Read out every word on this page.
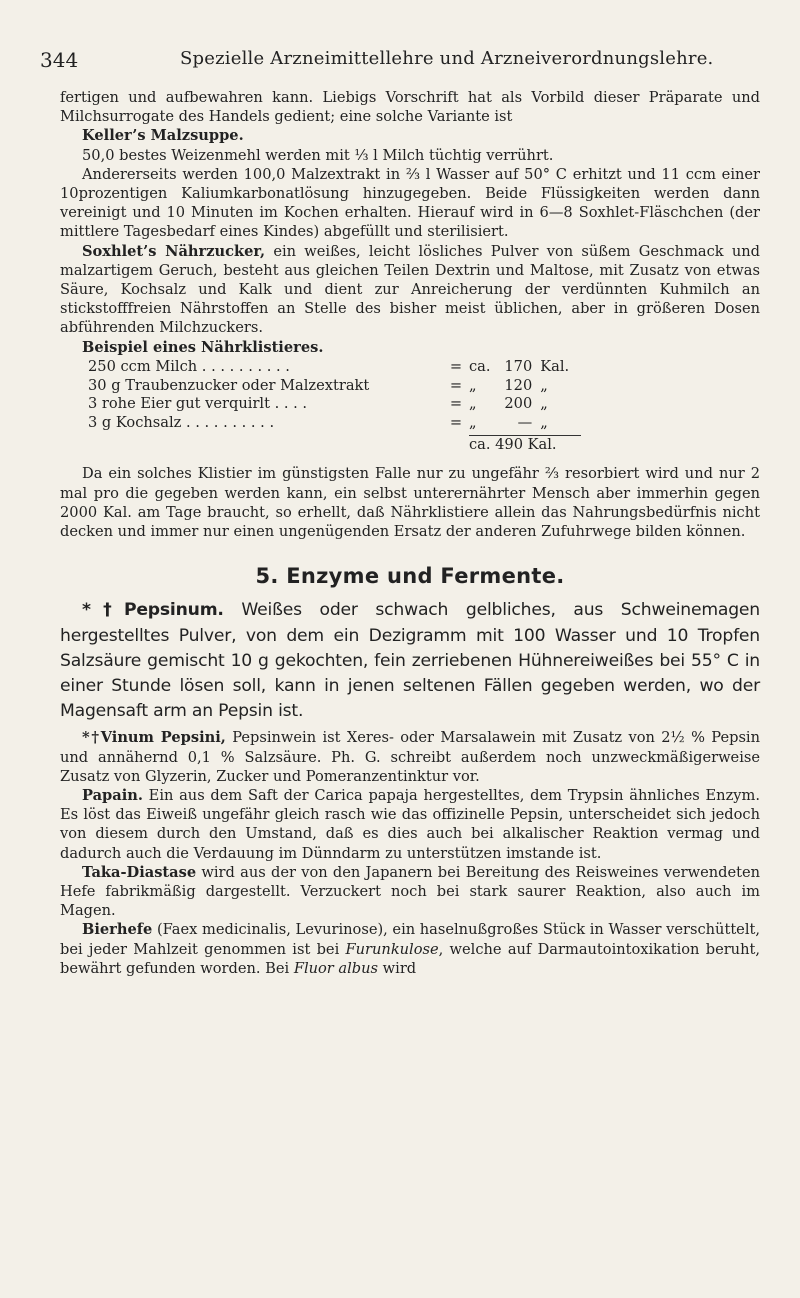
344	Spezielle Arzneimittellehre und Arzneiverordnungslehre.

fertigen und aufbewahren kann. Liebigs Vorschrift hat als Vorbild dieser Präparate und Milchsurrogate des Handels gedient; eine solche Variante ist

Keller’s Malzsuppe.

50,0 bestes Weizenmehl werden mit ⅓ l Milch tüchtig verrührt.

Andererseits werden 100,0 Malzextrakt in ⅔ l Wasser auf 50° C erhitzt und 11 ccm einer 10prozentigen Kaliumkarbonatlösung hinzugegeben. Beide Flüssigkeiten werden dann vereinigt und 10 Minuten im Kochen erhalten. Hierauf wird in 6—8 Soxhlet-Fläschchen (der mittlere Tagesbedarf eines Kindes) abgefüllt und sterilisiert.

Soxhlet’s Nährzucker, ein weißes, leicht lösliches Pulver von süßem Geschmack und malzartigem Geruch, besteht aus gleichen Teilen Dextrin und Maltose, mit Zusatz von etwas Säure, Kochsalz und Kalk und dient zur Anreicherung der verdünnten Kuhmilch an stickstofffreien Nährstoffen an Stelle des bisher meist üblichen, aber in größeren Dosen abführenden Milchzuckers.

Beispiel eines Nährklistieres.

250 ccm Milch . . . . . . . . . .	=	ca.	170	Kal.
30 g Traubenzucker oder Malzextrakt	=	„	120	„
3 rohe Eier gut verquirlt . . . .	=	„	200	„
3 g Kochsalz . . . . . . . . . .	=	„	—	„
		ca. 490 Kal.		

Da ein solches Klistier im günstigsten Falle nur zu ungefähr ⅔ resorbiert wird und nur 2 mal pro die gegeben werden kann, ein selbst unterernährter Mensch aber immerhin gegen 2000 Kal. am Tage braucht, so erhellt, daß Nährklistiere allein das Nahrungsbedürfnis nicht decken und immer nur einen ungenügenden Ersatz der anderen Zufuhrwege bilden können.

5. Enzyme und Fermente.

*†Pepsinum. Weißes oder schwach gelbliches, aus Schweinemagen hergestelltes Pulver, von dem ein Dezigramm mit 100 Wasser und 10 Tropfen Salzsäure gemischt 10 g gekochten, fein zerriebenen Hühnereiweißes bei 55° C in einer Stunde lösen soll, kann in jenen seltenen Fällen gegeben werden, wo der Magensaft arm an Pepsin ist.

*†Vinum Pepsini, Pepsinwein ist Xeres- oder Marsalawein mit Zusatz von 2½ % Pepsin und annähernd 0,1 % Salzsäure. Ph. G. schreibt außerdem noch unzweckmäßigerweise Zusatz von Glyzerin, Zucker und Pomeranzentinktur vor.

Papain. Ein aus dem Saft der Carica papaja hergestelltes, dem Trypsin ähnliches Enzym. Es löst das Eiweiß ungefähr gleich rasch wie das offizinelle Pepsin, unterscheidet sich jedoch von diesem durch den Umstand, daß es dies auch bei alkalischer Reaktion vermag und dadurch auch die Verdauung im Dünndarm zu unterstützen imstande ist.

Taka-Diastase wird aus der von den Japanern bei Bereitung des Reisweines verwendeten Hefe fabrikmäßig dargestellt. Verzuckert noch bei stark saurer Reaktion, also auch im Magen.

Bierhefe (Faex medicinalis, Levurinose), ein haselnußgroßes Stück in Wasser verschüttelt, bei jeder Mahlzeit genommen ist bei Furunkulose, welche auf Darmautointoxikation beruht, bewährt gefunden worden. Bei Fluor albus wird
